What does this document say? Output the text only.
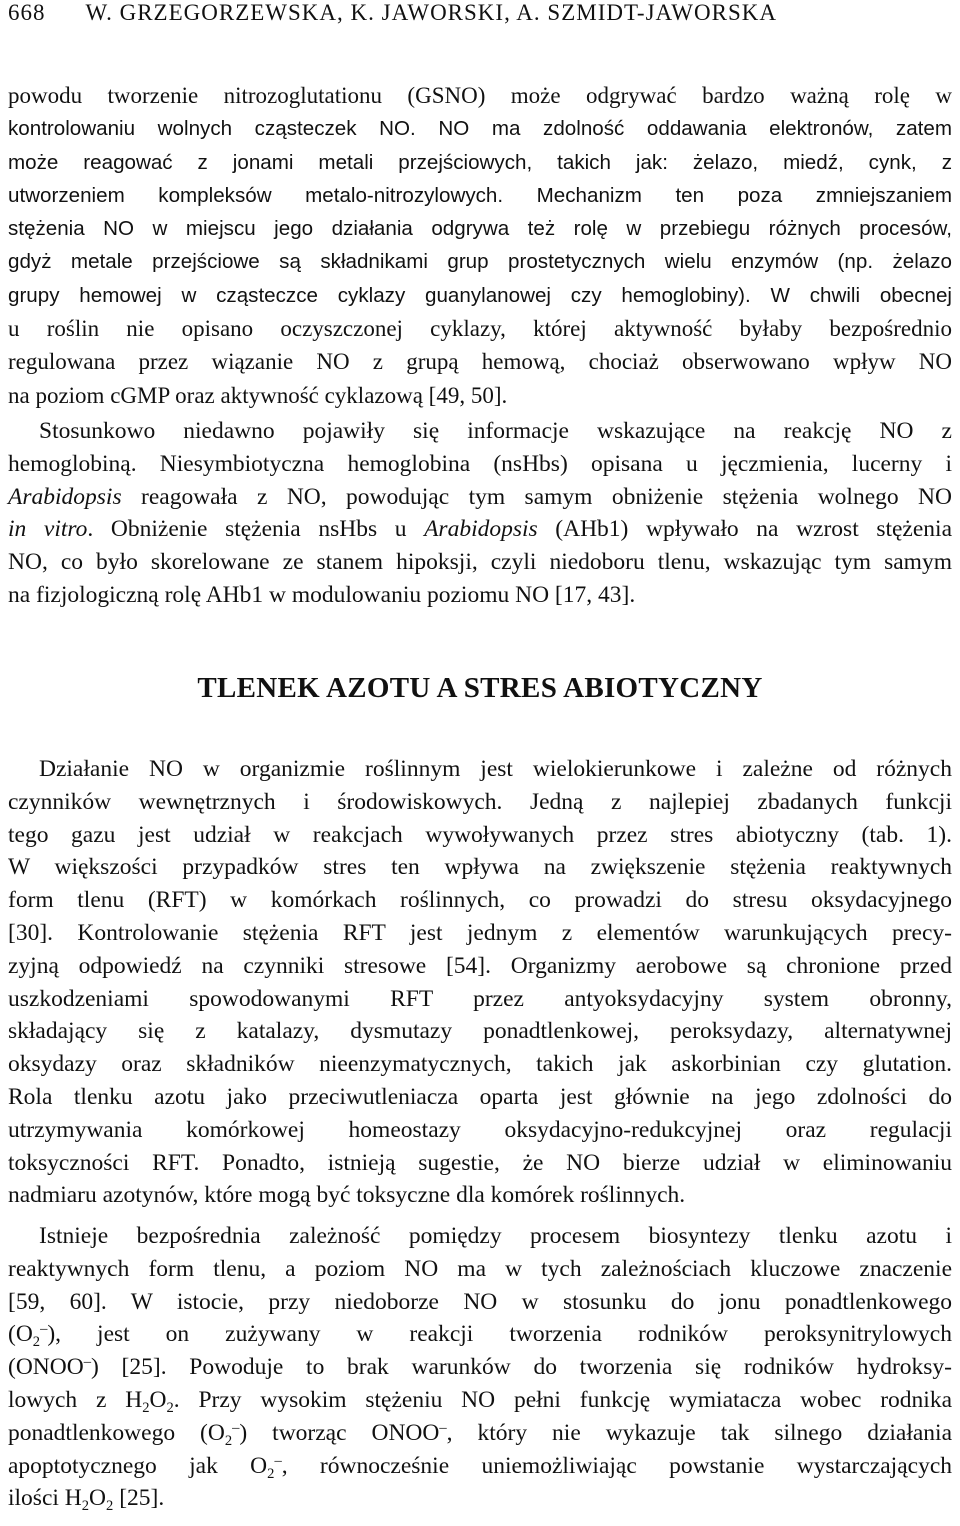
668 W. GRZEGORZEWSKA, K. JAWORSKI, A. SZMIDT-JAWORSKA
powodu tworzenie nitrozoglutationu (GSNO) może odgrywać bardzo ważną rolę w
kontrolowaniu wolnych cząsteczek NO. NO ma zdolność oddawania elektronów, zatem
może reagować z jonami metali przejściowych, takich jak: żelazo, miedź, cynk, z
utworzeniem kompleksów metalo-nitrozylowych. Mechanizm ten poza zmniejszaniem
stężenia NO w miejscu jego działania odgrywa też rolę w przebiegu różnych procesów,
gdyż metale przejściowe są składnikami grup prostetycznych wielu enzymów (np. żelazo
grupy hemowej w cząsteczce cyklazy guanylanowej czy hemoglobiny). W chwili obecnej
u roślin nie opisano oczyszczonej cyklazy, której aktywność byłaby bezpośrednio
regulowana przez wiązanie NO z grupą hemową, chociaż obserwowano wpływ NO
na poziom cGMP oraz aktywność cyklazową [49, 50].
Stosunkowo niedawno pojawiły się informacje wskazujące na reakcję NO z
hemoglobiną. Niesymbiotyczna hemoglobina (nsHbs) opisana u jęczmienia, lucerny i
Arabidopsis reagowała z NO, powodując tym samym obniżenie stężenia wolnego NO
in vitro. Obniżenie stężenia nsHbs u Arabidopsis (AHb1) wpływało na wzrost stężenia
NO, co było skorelowane ze stanem hipoksji, czyli niedoboru tlenu, wskazując tym samym
na fizjologiczną rolę AHb1 w modulowaniu poziomu NO [17, 43].
TLENEK AZOTU A STRES ABIOTYCZNY
Działanie NO w organizmie roślinnym jest wielokierunkowe i zależne od różnych
czynników wewnętrznych i środowiskowych. Jedną z najlepiej zbadanych funkcji
tego gazu jest udział w reakcjach wywoływanych przez stres abiotyczny (tab. 1).
W większości przypadków stres ten wpływa na zwiększenie stężenia reaktywnych
form tlenu (RFT) w komórkach roślinnych, co prowadzi do stresu oksydacyjnego
[30]. Kontrolowanie stężenia RFT jest jednym z elementów warunkujących precy-
zyjną odpowiedź na czynniki stresowe [54]. Organizmy aerobowe są chronione przed
uszkodzeniami spowodowanymi RFT przez antyoksydacyjny system obronny,
składający się z katalazy, dysmutazy ponadtlenkowej, peroksydazy, alternatywnej
oksydazy oraz składników nieenzymatycznych, takich jak askorbinian czy glutation.
Rola tlenku azotu jako przeciwutleniacza oparta jest głównie na jego zdolności do
utrzymywania komórkowej homeostazy oksydacyjno-redukcyjnej oraz regulacji
toksyczności RFT. Ponadto, istnieją sugestie, że NO bierze udział w eliminowaniu
nadmiaru azotynów, które mogą być toksyczne dla komórek roślinnych.
Istnieje bezpośrednia zależność pomiędzy procesem biosyntezy tlenku azotu i
reaktywnych form tlenu, a poziom NO ma w tych zależnościach kluczowe znaczenie
[59, 60]. W istocie, przy niedoborze NO w stosunku do jonu ponadtlenkowego
$(O_2^-)$, jest on zużywany w reakcji tworzenia rodników peroksynitrylowych
(ONOO–) [25]. Powoduje to brak warunków do tworzenia się rodników hydroksy-
lowych z $H_2O_2$. Przy wysokim stężeniu NO pełni funkcję wymiatacza wobec rodnika
ponadtlenkowego $(O_2^-)$ tworząc ONOO–, który nie wykazuje tak silnego działania
apoptotycznego jak $O_2^-$, równocześnie uniemożliwiając powstanie wystarczających
ilości $H_2O_2$ [25].
